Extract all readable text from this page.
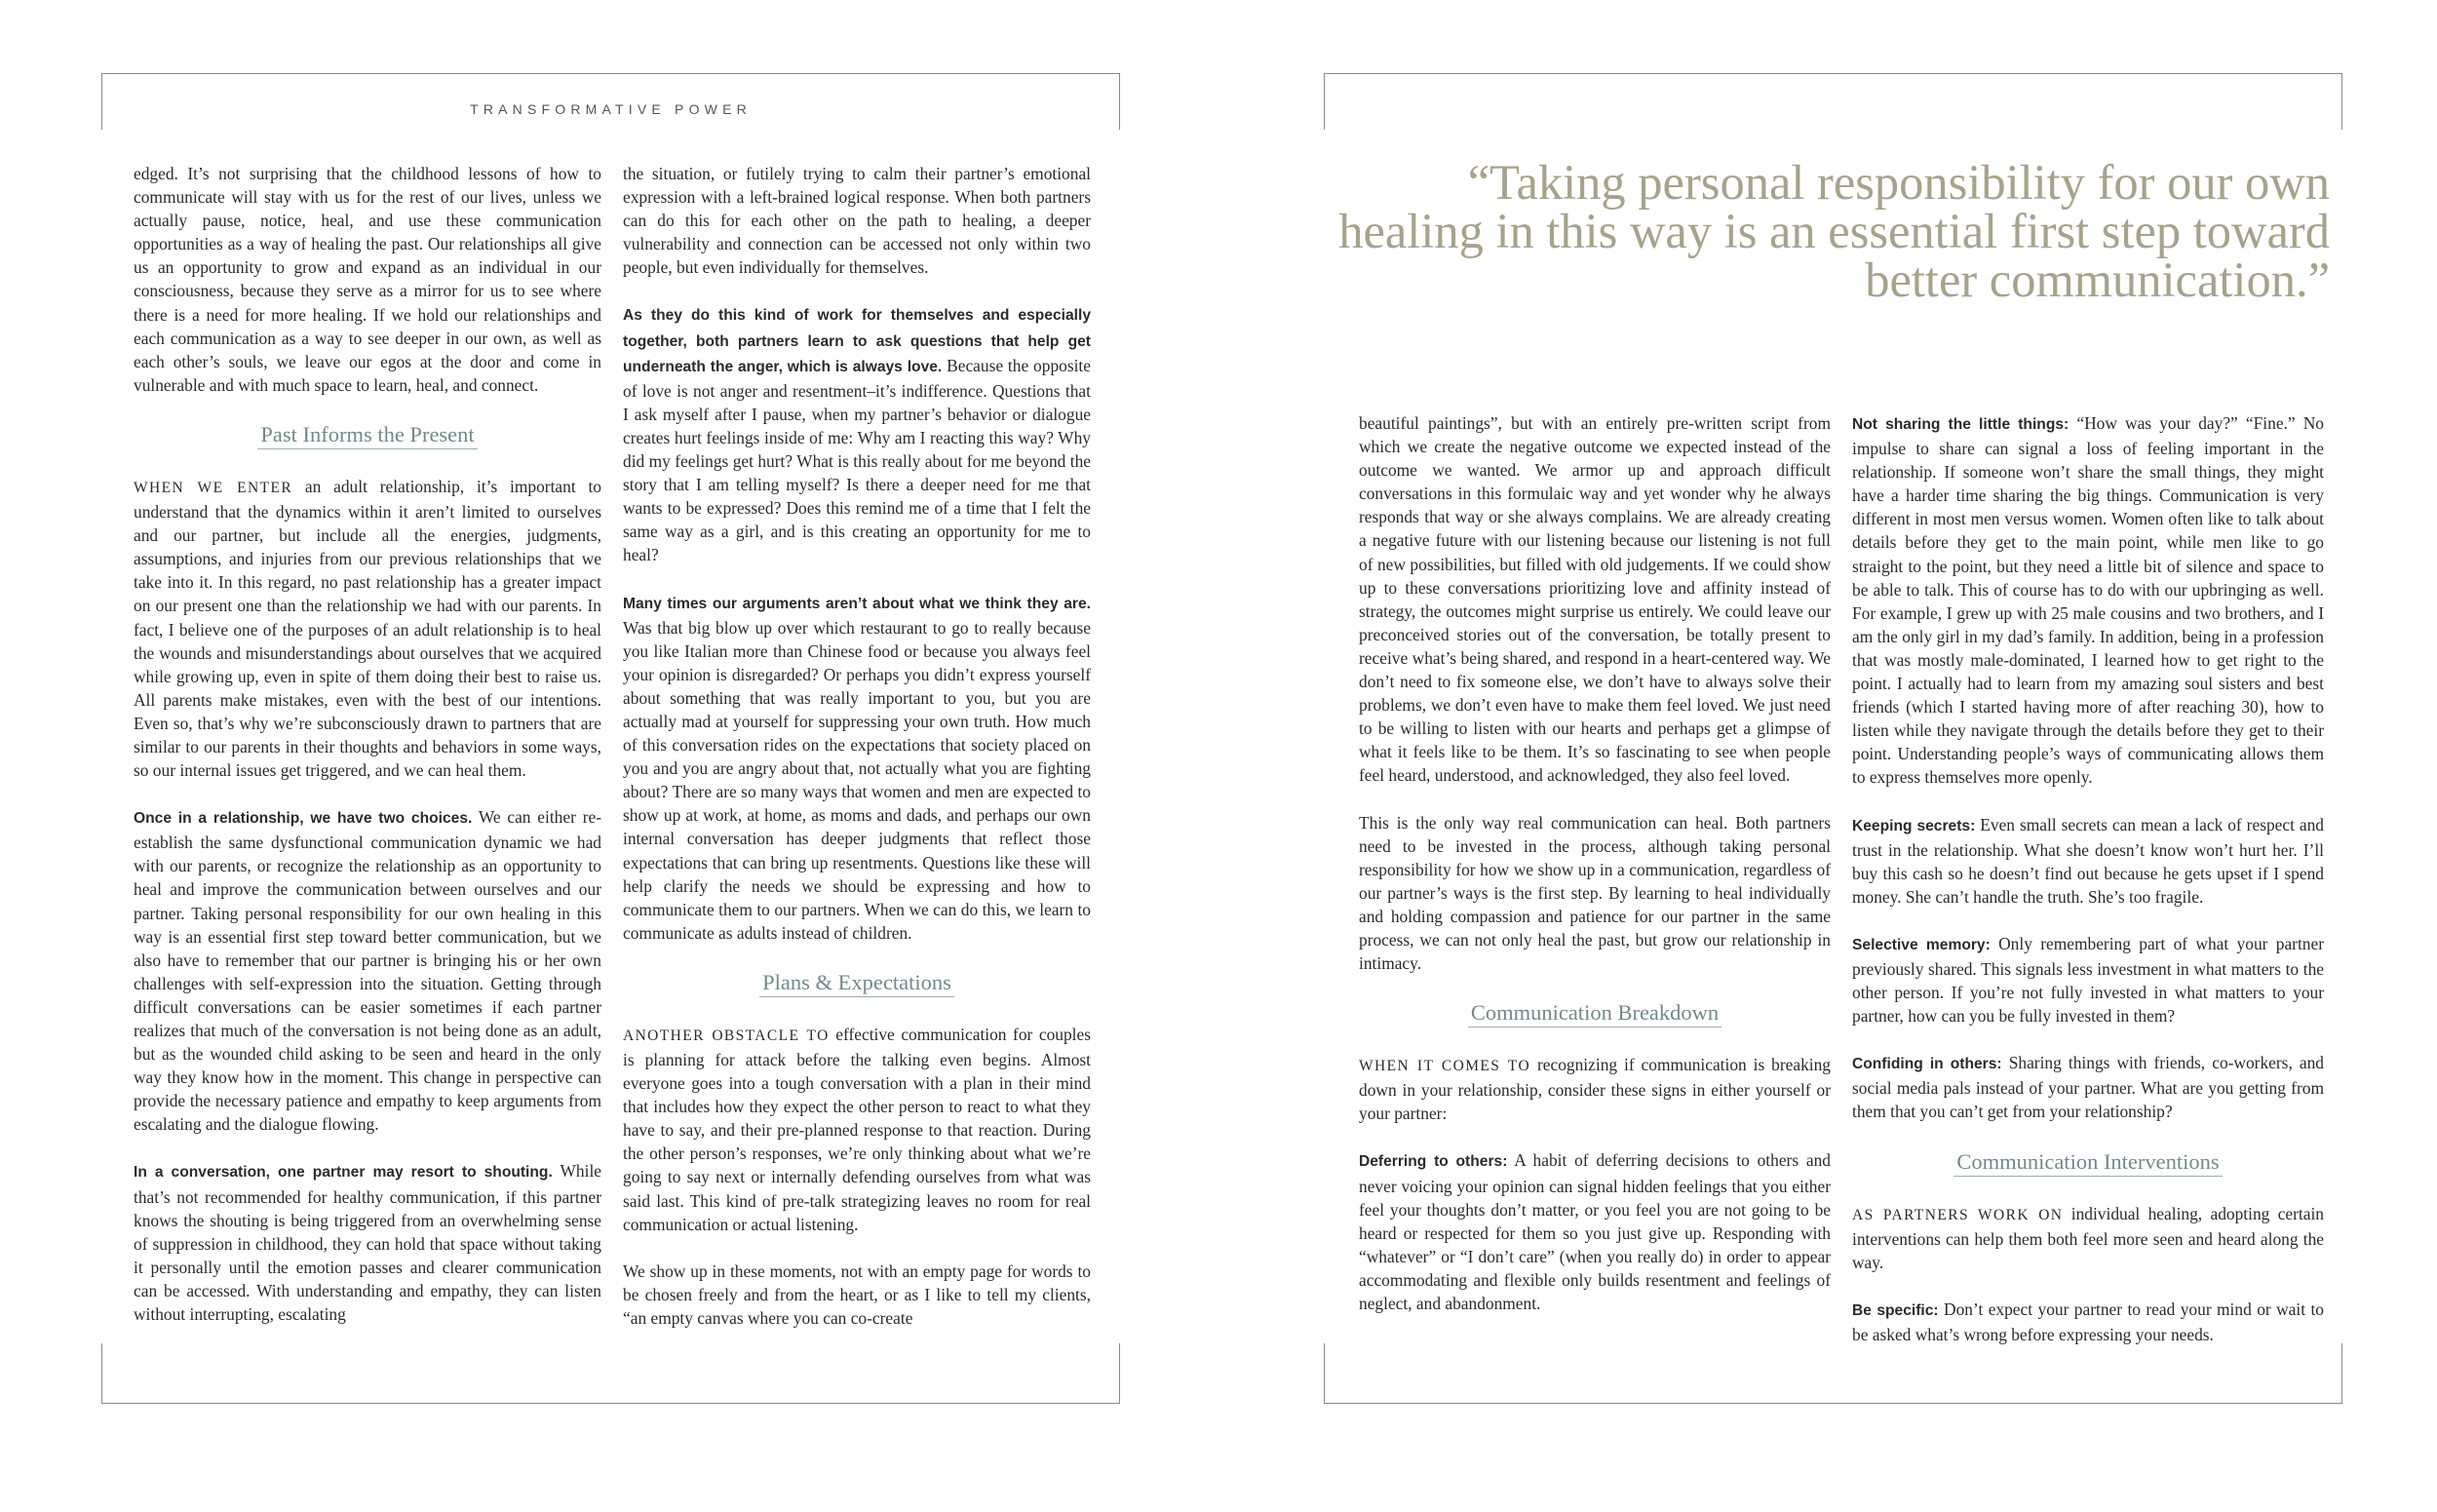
TRANSFORMATIVE POWER

edged. It’s not surprising that the childhood lessons of how to communicate will stay with us for the rest of our lives, unless we actually pause, notice, heal, and use these communication opportunities as a way of healing the past. Our relationships all give us an opportunity to grow and expand as an individual in our consciousness, because they serve as a mirror for us to see where there is a need for more healing. If we hold our relationships and each communication as a way to see deeper in our own, as well as each other’s souls, we leave our egos at the door and come in vulnerable and with much space to learn, heal, and connect.

Past Informs the Present

WHEN WE ENTER an adult relationship, it’s important to understand that the dynamics within it aren’t limited to ourselves and our partner, but include all the energies, judgments, assumptions, and injuries from our previous relationships that we take into it. In this regard, no past relationship has a greater impact on our present one than the relationship we had with our parents. In fact, I believe one of the purposes of an adult relationship is to heal the wounds and misunderstandings about ourselves that we acquired while growing up, even in spite of them doing their best to raise us. All parents make mistakes, even with the best of our intentions. Even so, that’s why we’re subconsciously drawn to partners that are similar to our parents in their thoughts and behaviors in some ways, so our internal issues get triggered, and we can heal them.

Once in a relationship, we have two choices. We can either re-establish the same dysfunctional communication dynamic we had with our parents, or recognize the relationship as an opportunity to heal and improve the communication between ourselves and our partner. Taking personal responsibility for our own healing in this way is an essential first step toward better communication, but we also have to remember that our partner is bringing his or her own challenges with self-expression into the situation. Getting through difficult conversations can be easier sometimes if each partner realizes that much of the conversation is not being done as an adult, but as the wounded child asking to be seen and heard in the only way they know how in the moment. This change in perspective can provide the necessary patience and empathy to keep arguments from escalating and the dialogue flowing.

In a conversation, one partner may resort to shouting. While that’s not recommended for healthy communication, if this partner knows the shouting is being triggered from an overwhelming sense of suppression in childhood, they can hold that space without taking it personally until the emotion passes and clearer communication can be accessed. With understanding and empathy, they can listen without interrupting, escalating

the situation, or futilely trying to calm their partner’s emotional expression with a left-brained logical response. When both partners can do this for each other on the path to healing, a deeper vulnerability and connection can be accessed not only within two people, but even individually for themselves.

As they do this kind of work for themselves and especially together, both partners learn to ask questions that help get underneath the anger, which is always love. Because the opposite of love is not anger and resentment–it’s indifference. Questions that I ask myself after I pause, when my partner’s behavior or dialogue creates hurt feelings inside of me: Why am I reacting this way? Why did my feelings get hurt? What is this really about for me beyond the story that I am telling myself? Is there a deeper need for me that wants to be expressed? Does this remind me of a time that I felt the same way as a girl, and is this creating an opportunity for me to heal?

Many times our arguments aren’t about what we think they are. Was that big blow up over which restaurant to go to really because you like Italian more than Chinese food or because you always feel your opinion is disregarded? Or perhaps you didn’t express yourself about something that was really important to you, but you are actually mad at yourself for suppressing your own truth. How much of this conversation rides on the expectations that society placed on you and you are angry about that, not actually what you are fighting about? There are so many ways that women and men are expected to show up at work, at home, as moms and dads, and perhaps our own internal conversation has deeper judgments that reflect those expectations that can bring up resentments. Questions like these will help clarify the needs we should be expressing and how to communicate them to our partners. When we can do this, we learn to communicate as adults instead of children.

Plans & Expectations

ANOTHER OBSTACLE TO effective communication for couples is planning for attack before the talking even begins. Almost everyone goes into a tough conversation with a plan in their mind that includes how they expect the other person to react to what they have to say, and their pre-planned response to that reaction. During the other person’s responses, we’re only thinking about what we’re going to say next or internally defending ourselves from what was said last. This kind of pre-talk strategizing leaves no room for real communication or actual listening.

We show up in these moments, not with an empty page for words to be chosen freely and from the heart, or as I like to tell my clients, “an empty canvas where you can co-create

“Taking personal responsibility for our own healing in this way is an essential first step toward better communication.”

beautiful paintings”, but with an entirely pre-written script from which we create the negative outcome we expected instead of the outcome we wanted. We armor up and approach difficult conversations in this formulaic way and yet wonder why he always responds that way or she always complains. We are already creating a negative future with our listening because our listening is not full of new possibilities, but filled with old judgements. If we could show up to these conversations prioritizing love and affinity instead of strategy, the outcomes might surprise us entirely. We could leave our preconceived stories out of the conversation, be totally present to receive what’s being shared, and respond in a heart-centered way. We don’t need to fix someone else, we don’t have to always solve their problems, we don’t even have to make them feel loved. We just need to be willing to listen with our hearts and perhaps get a glimpse of what it feels like to be them. It’s so fascinating to see when people feel heard, understood, and acknowledged, they also feel loved.

This is the only way real communication can heal. Both partners need to be invested in the process, although taking personal responsibility for how we show up in a communication, regardless of our partner’s ways is the first step. By learning to heal individually and holding compassion and patience for our partner in the same process, we can not only heal the past, but grow our relationship in intimacy.

Communication Breakdown

WHEN IT COMES TO recognizing if communication is breaking down in your relationship, consider these signs in either yourself or your partner:

Deferring to others: A habit of deferring decisions to others and never voicing your opinion can signal hidden feelings that you either feel your thoughts don’t matter, or you feel you are not going to be heard or respected for them so you just give up. Responding with “whatever” or “I don’t care” (when you really do) in order to appear accommodating and flexible only builds resentment and feelings of neglect, and abandonment.

Not sharing the little things: “How was your day?” “Fine.” No impulse to share can signal a loss of feeling important in the relationship. If someone won’t share the small things, they might have a harder time sharing the big things. Communication is very different in most men versus women. Women often like to talk about details before they get to the main point, while men like to go straight to the point, but they need a little bit of silence and space to be able to talk. This of course has to do with our upbringing as well. For example, I grew up with 25 male cousins and two brothers, and I am the only girl in my dad’s family. In addition, being in a profession that was mostly male-dominated, I learned how to get right to the point. I actually had to learn from my amazing soul sisters and best friends (which I started having more of after reaching 30), how to listen while they navigate through the details before they get to their point. Understanding people’s ways of communicating allows them to express themselves more openly.

Keeping secrets: Even small secrets can mean a lack of respect and trust in the relationship. What she doesn’t know won’t hurt her. I’ll buy this cash so he doesn’t find out because he gets upset if I spend money. She can’t handle the truth. She’s too fragile.

Selective memory: Only remembering part of what your partner previously shared. This signals less investment in what matters to the other person. If you’re not fully invested in what matters to your partner, how can you be fully invested in them?

Confiding in others: Sharing things with friends, co-workers, and social media pals instead of your partner. What are you getting from them that you can’t get from your relationship?

Communication Interventions

AS PARTNERS WORK ON individual healing, adopting certain interventions can help them both feel more seen and heard along the way.

Be specific: Don’t expect your partner to read your mind or wait to be asked what’s wrong before expressing your needs.
